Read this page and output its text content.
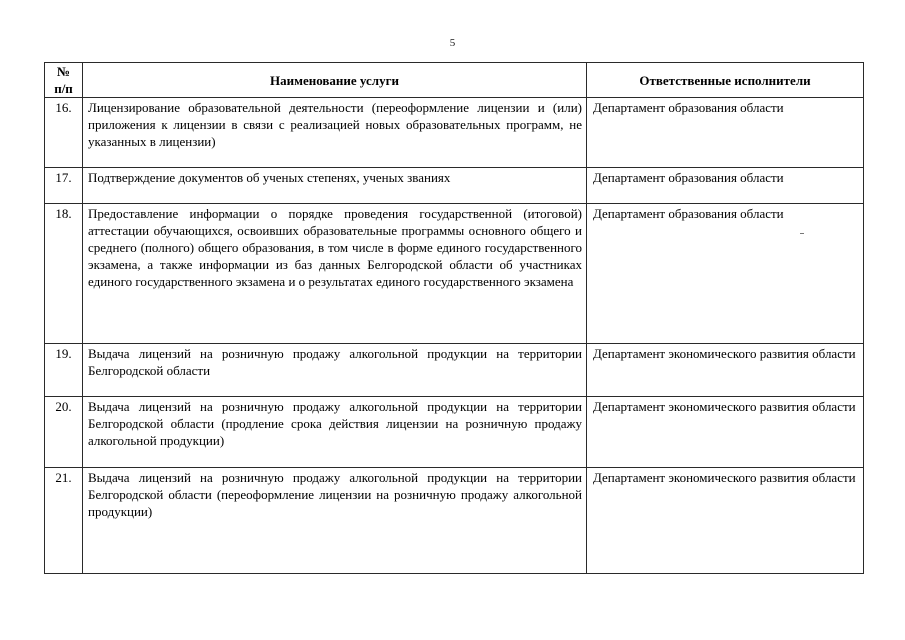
5
№
п/п	Наименование услуги	Ответственные исполнители
16.	Лицензирование образовательной деятельности (переоформление лицензии и (или) приложения к лицензии в связи с реализацией новых образовательных программ, не указанных в лицензии)	Департамент образования области
17.	Подтверждение документов об ученых степенях, ученых званиях	Департамент образования области
18.	Предоставление информации о порядке проведения государственной (итоговой) аттестации обучающихся, освоивших образовательные программы основного общего и среднего (полного) общего образования, в том числе в форме единого государственного экзамена, а также информации из баз данных Белгородской области об участниках единого государственного экзамена и о результатах единого государственного экзамена	Департамент образования области
19.	Выдача лицензий на розничную продажу алкогольной продукции на территории Белгородской области	Департамент экономического развития области
20.	Выдача лицензий на розничную продажу алкогольной продукции на территории Белгородской области (продление срока действия лицензии на розничную продажу алкогольной продукции)	Департамент экономического развития области
21.	Выдача лицензий на розничную продажу алкогольной продукции на территории Белгородской области (переоформление лицензии на розничную продажу алкогольной продукции)	Департамент экономического развития области
